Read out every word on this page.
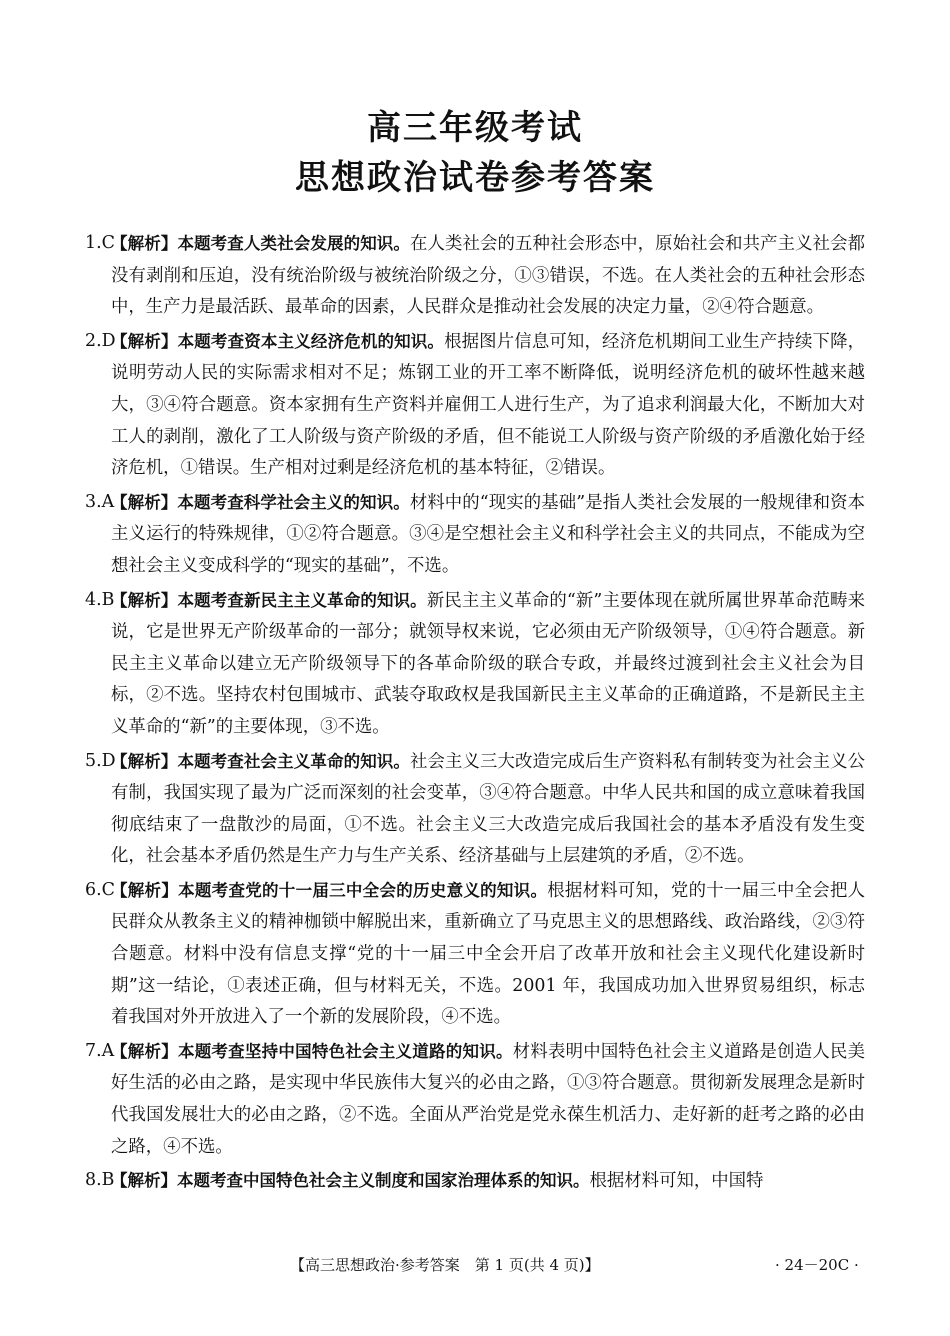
高三年级考试
思想政治试卷参考答案
1.C
【解析】本题考查人类社会发展的知识。在人类社会的五种社会形态中，原始社会和共产主义社会都没有剥削和压迫，没有统治阶级与被统治阶级之分，①③错误，不选。在人类社会的五种社会形态中，生产力是最活跃、最革命的因素，人民群众是推动社会发展的决定力量，②④符合题意。
2.D
【解析】本题考查资本主义经济危机的知识。根据图片信息可知，经济危机期间工业生产持续下降，说明劳动人民的实际需求相对不足；炼钢工业的开工率不断降低，说明经济危机的破坏性越来越大，③④符合题意。资本家拥有生产资料并雇佣工人进行生产，为了追求利润最大化，不断加大对工人的剥削，激化了工人阶级与资产阶级的矛盾，但不能说工人阶级与资产阶级的矛盾激化始于经济危机，①错误。生产相对过剩是经济危机的基本特征，②错误。
3.A
【解析】本题考查科学社会主义的知识。材料中的“现实的基础”是指人类社会发展的一般规律和资本主义运行的特殊规律，①②符合题意。③④是空想社会主义和科学社会主义的共同点，不能成为空想社会主义变成科学的“现实的基础”，不选。
4.B
【解析】本题考查新民主主义革命的知识。新民主主义革命的“新”主要体现在就所属世界革命范畴来说，它是世界无产阶级革命的一部分；就领导权来说，它必须由无产阶级领导，①④符合题意。新民主主义革命以建立无产阶级领导下的各革命阶级的联合专政，并最终过渡到社会主义社会为目标，②不选。坚持农村包围城市、武装夺取政权是我国新民主主义革命的正确道路，不是新民主主义革命的“新”的主要体现，③不选。
5.D
【解析】本题考查社会主义革命的知识。社会主义三大改造完成后生产资料私有制转变为社会主义公有制，我国实现了最为广泛而深刻的社会变革，③④符合题意。中华人民共和国的成立意味着我国彻底结束了一盘散沙的局面，①不选。社会主义三大改造完成后我国社会的基本矛盾没有发生变化，社会基本矛盾仍然是生产力与生产关系、经济基础与上层建筑的矛盾，②不选。
6.C
【解析】本题考查党的十一届三中全会的历史意义的知识。根据材料可知，党的十一届三中全会把人民群众从教条主义的精神枷锁中解脱出来，重新确立了马克思主义的思想路线、政治路线，②③符合题意。材料中没有信息支撑“党的十一届三中全会开启了改革开放和社会主义现代化建设新时期”这一结论，①表述正确，但与材料无关，不选。2001 年，我国成功加入世界贸易组织，标志着我国对外开放进入了一个新的发展阶段，④不选。
7.A
【解析】本题考查坚持中国特色社会主义道路的知识。材料表明中国特色社会主义道路是创造人民美好生活的必由之路，是实现中华民族伟大复兴的必由之路，①③符合题意。贯彻新发展理念是新时代我国发展壮大的必由之路，②不选。全面从严治党是党永葆生机活力、走好新的赶考之路的必由之路，④不选。
8.B
【解析】本题考查中国特色社会主义制度和国家治理体系的知识。根据材料可知，中国特
【高三思想政治·参考答案　第 1 页(共 4 页)】	· 24－20C ·
